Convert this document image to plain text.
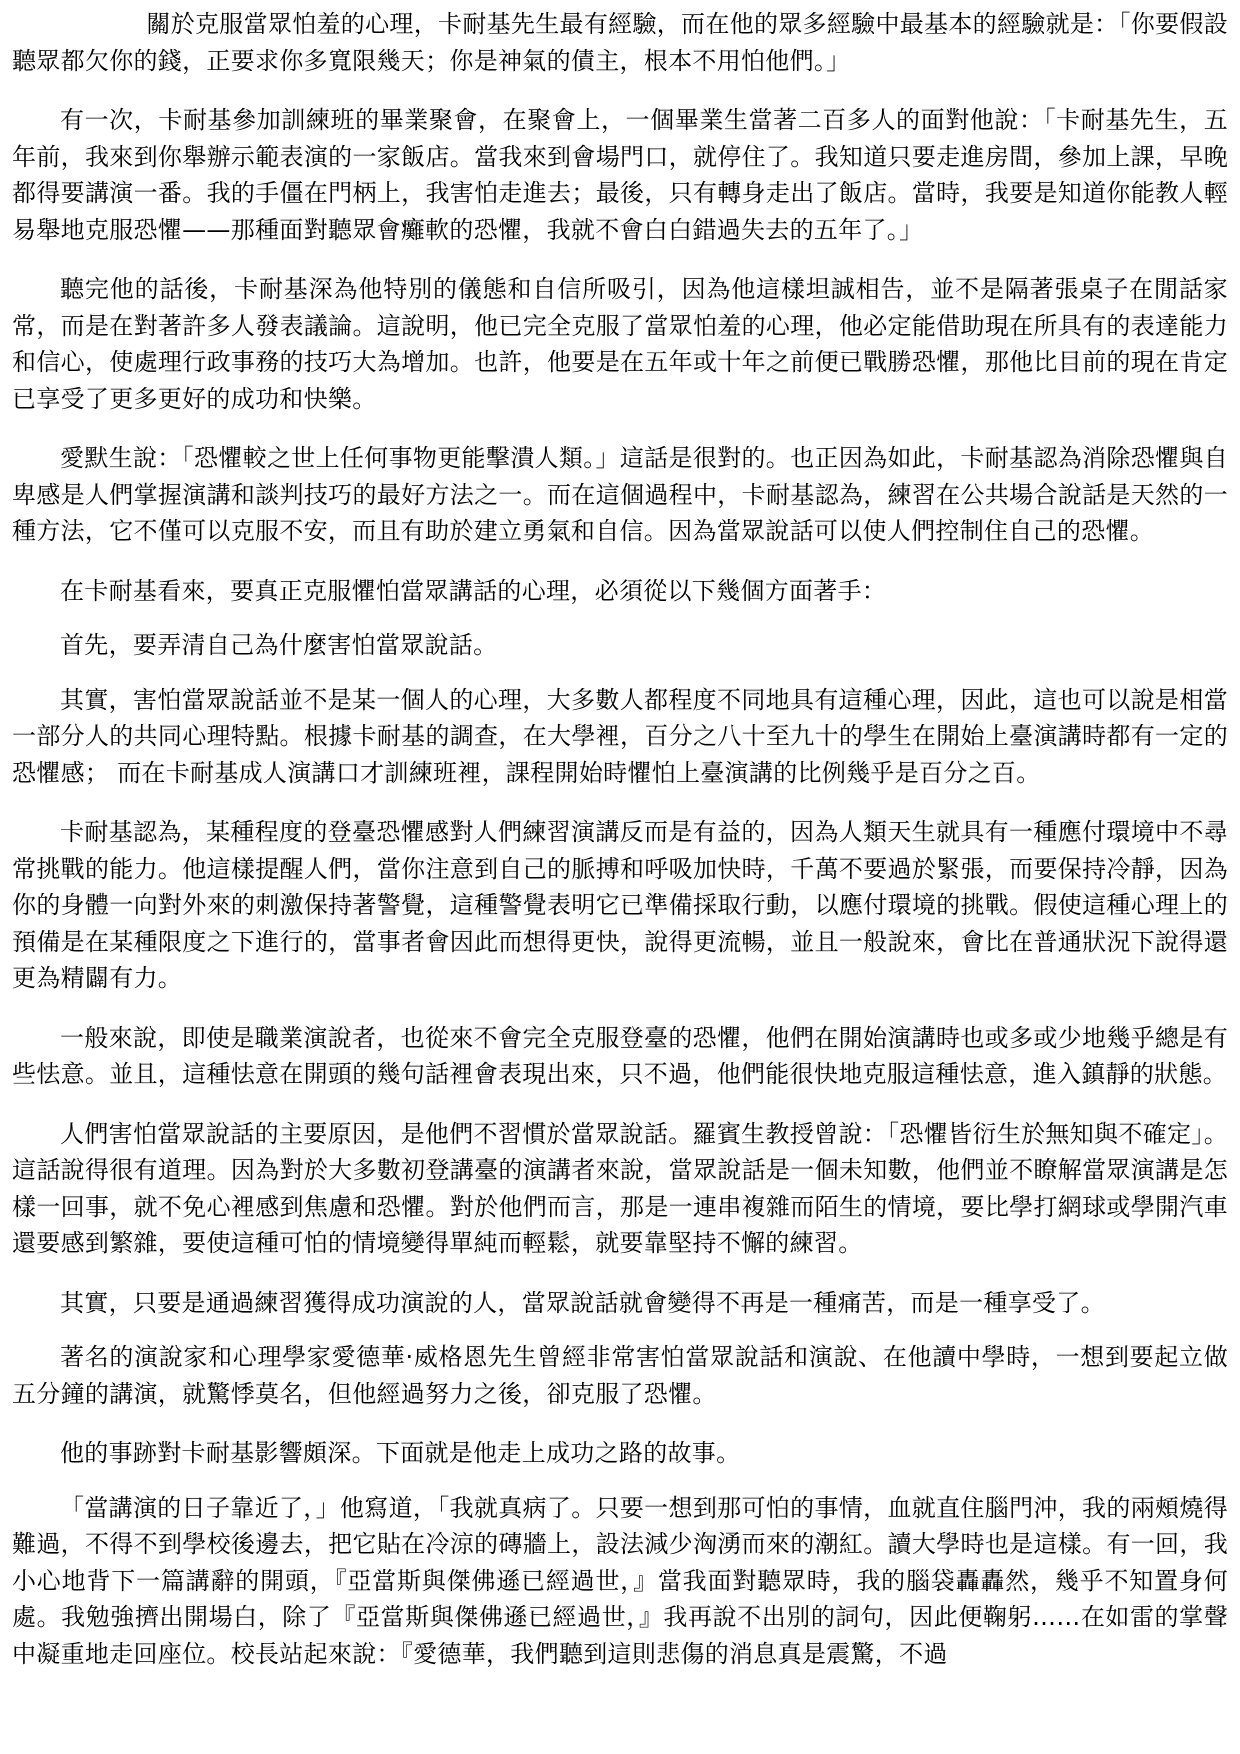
關於克服當眾怕羞的心理，卡耐基先生最有經驗，而在他的眾多經驗中最基本的經驗就是：「你要假設聽眾都欠你的錢，正要求你多寬限幾天；你是神氣的債主，根本不用怕他們。」

有一次，卡耐基參加訓練班的畢業聚會，在聚會上，一個畢業生當著二百多人的面對他說：「卡耐基先生，五年前，我來到你舉辦示範表演的一家飯店。當我來到會場門口，就停住了。我知道只要走進房間，參加上課，早晚都得要講演一番。我的手僵在門柄上，我害怕走進去；最後，只有轉身走出了飯店。當時，我要是知道你能教人輕易舉地克服恐懼——那種面對聽眾會癱軟的恐懼，我就不會白白錯過失去的五年了。」

聽完他的話後，卡耐基深為他特別的儀態和自信所吸引，因為他這樣坦誠相告，並不是隔著張桌子在閒話家常，而是在對著許多人發表議論。這說明，他已完全克服了當眾怕羞的心理，他必定能借助現在所具有的表達能力和信心，使處理行政事務的技巧大為增加。也許，他要是在五年或十年之前便已戰勝恐懼，那他比目前的現在肯定已享受了更多更好的成功和快樂。

愛默生說：「恐懼較之世上任何事物更能擊潰人類。」這話是很對的。也正因為如此，卡耐基認為消除恐懼與自卑感是人們掌握演講和談判技巧的最好方法之一。而在這個過程中，卡耐基認為，練習在公共場合說話是天然的一種方法，它不僅可以克服不安，而且有助於建立勇氣和自信。因為當眾說話可以使人們控制住自己的恐懼。

在卡耐基看來，要真正克服懼怕當眾講話的心理，必須從以下幾個方面著手：

首先，要弄清自己為什麼害怕當眾說話。

其實，害怕當眾說話並不是某一個人的心理，大多數人都程度不同地具有這種心理，因此，這也可以說是相當一部分人的共同心理特點。根據卡耐基的調查，在大學裡，百分之八十至九十的學生在開始上臺演講時都有一定的恐懼感； 而在卡耐基成人演講口才訓練班裡，課程開始時懼怕上臺演講的比例幾乎是百分之百。

卡耐基認為，某種程度的登臺恐懼感對人們練習演講反而是有益的，因為人類天生就具有一種應付環境中不尋常挑戰的能力。他這樣提醒人們，當你注意到自己的脈搏和呼吸加快時，千萬不要過於緊張，而要保持冷靜，因為你的身體一向對外來的刺激保持著警覺，這種警覺表明它已準備採取行動，以應付環境的挑戰。假使這種心理上的預備是在某種限度之下進行的，當事者會因此而想得更快，說得更流暢，並且一般說來，會比在普通狀況下說得還更為精闢有力。

一般來說，即使是職業演說者，也從來不會完全克服登臺的恐懼，他們在開始演講時也或多或少地幾乎總是有些怯意。並且，這種怯意在開頭的幾句話裡會表現出來，只不過，他們能很快地克服這種怯意，進入鎮靜的狀態。

人們害怕當眾說話的主要原因，是他們不習慣於當眾說話。羅賓生教授曾說：「恐懼皆衍生於無知與不確定」。這話說得很有道理。因為對於大多數初登講臺的演講者來說，當眾說話是一個未知數，他們並不瞭解當眾演講是怎樣一回事，就不免心裡感到焦慮和恐懼。對於他們而言，那是一連串複雜而陌生的情境，要比學打網球或學開汽車還要感到繁雜，要使這種可怕的情境變得單純而輕鬆，就要靠堅持不懈的練習。

其實，只要是通過練習獲得成功演說的人，當眾說話就會變得不再是一種痛苦，而是一種享受了。

著名的演說家和心理學家愛德華·威格恩先生曾經非常害怕當眾說話和演說、在他讀中學時，一想到要起立做五分鐘的講演，就驚悸莫名，但他經過努力之後，卻克服了恐懼。

他的事跡對卡耐基影響頗深。下面就是他走上成功之路的故事。

「當講演的日子靠近了，」他寫道，「我就真病了。只要一想到那可怕的事情，血就直住腦門沖，我的兩頰燒得難過，不得不到學校後邊去，把它貼在冷涼的磚牆上，設法減少洶湧而來的潮紅。讀大學時也是這樣。有一回，我小心地背下一篇講辭的開頭，『亞當斯與傑佛遜已經過世，』當我面對聽眾時，我的腦袋轟轟然，幾乎不知置身何處。我勉強擠出開場白，除了『亞當斯與傑佛遜已經過世，』我再說不出別的詞句，因此便鞠躬……在如雷的掌聲中凝重地走回座位。校長站起來說：『愛德華，我們聽到這則悲傷的消息真是震驚，不過
